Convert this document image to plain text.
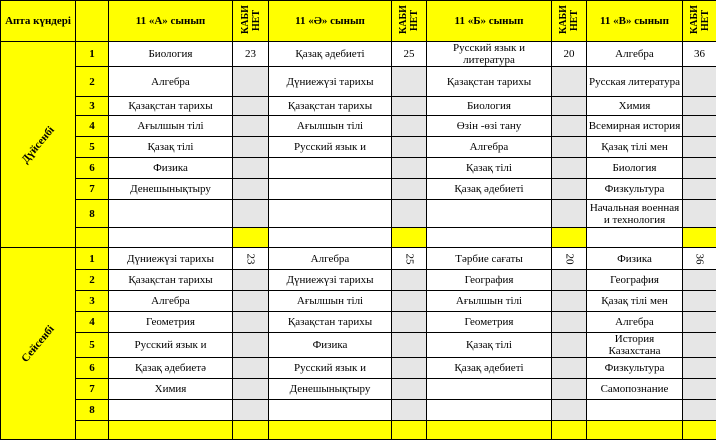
Апта күндері		11 «А» сынып	КАБИ НЕТ	11 «Ә» сынып	КАБИ НЕТ	11 «Б» сынып	КАБИ НЕТ	11 «В» сынып	КАБИ НЕТ
Дүйсенбі	1	Биология	23	Қазақ әдебиеті	25	Русский язык и литература	20	Алгебра	36
	2	Алгебра		Дүниежүзі тарихы		Қазақстан тарихы		Русская литература	

	3	Қазақстан тарихы		Қазақстан тарихы		Биология		Химия	

	4	Ағылшын тілі		Ағылшын тілі		Өзін -өзі тану		Всемирная история	

	5	Қазақ тілі		Русский язык и		Алгебра		Қазақ тілі мен	

	6	Физика				Қазақ тілі		Биология	

	7	Денешынықтыру				Қазақ әдебиеті		Физкультура	

	8							Начальная военная и технология	

Сейсенбі	1	Дүниежүзі тарихы	23	Алгебра	25	Тәрбие сағаты	20	Физика	36
	2	Қазақстан тарихы		Дүниежүзі тарихы		География		География	

	3	Алгебра		Ағылшын тілі		Ағылшын тілі		Қазақ тілі мен	

	4	Геометрия		Қазақстан тарихы		Геометрия		Алгебра	

	5	Русский язык и		Физика		Қазақ тілі		История Казахстана	

	6	Қазақ әдебиетә		Русский язык и		Қазақ әдебиеті		Физкультура	

	7	Химия		Денешынықтыру				Самопознание	

	8	
